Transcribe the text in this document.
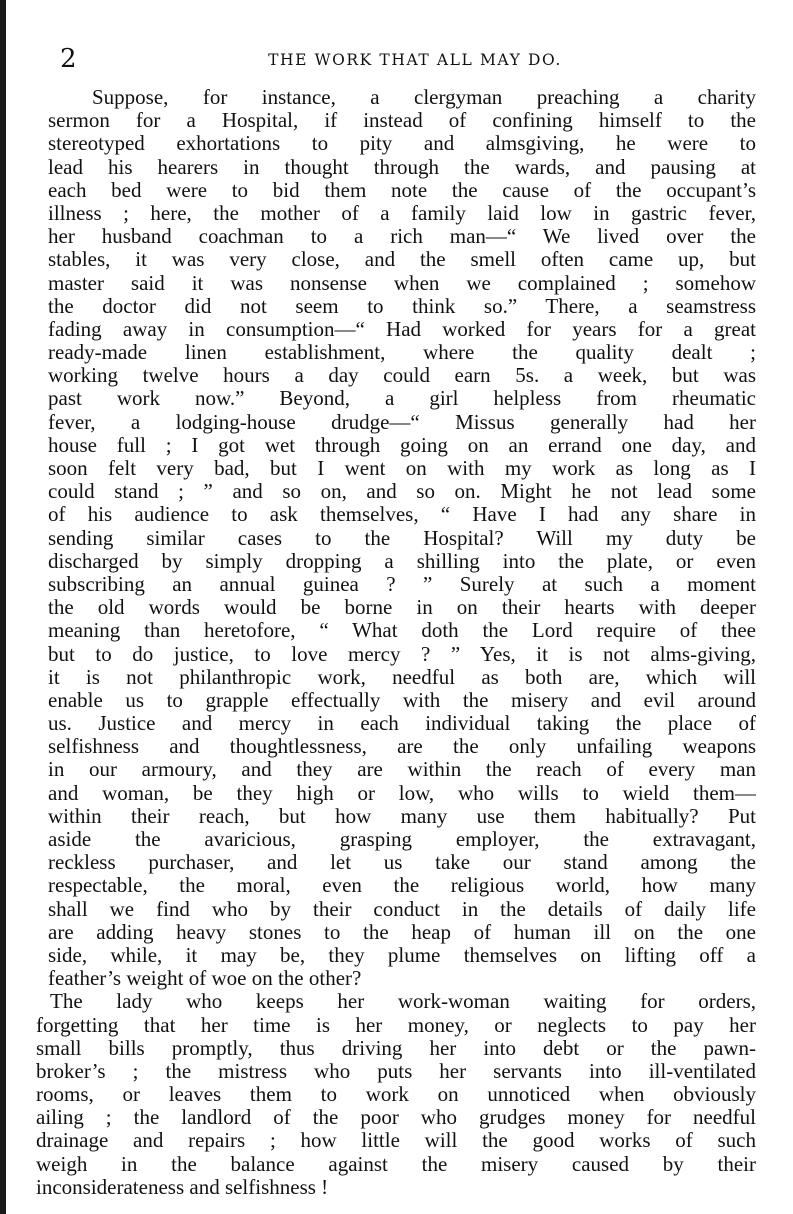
2	THE WORK THAT ALL MAY DO.
Suppose, for instance, a clergyman preaching a charity
sermon for a Hospital, if instead of confining himself to the
stereotyped exhortations to pity and almsgiving, he were to
lead his hearers in thought through the wards, and pausing at
each bed were to bid them note the cause of the occupant’s
illness ; here, the mother of a family laid low in gastric fever,
her husband coachman to a rich man—“ We lived over the
stables, it was very close, and the smell often came up, but
master said it was nonsense when we complained ; somehow
the doctor did not seem to think so.” There, a seamstress
fading away in consumption—“ Had worked for years for a great
ready-made linen establishment, where the quality dealt ;
working twelve hours a day could earn 5s. a week, but was
past work now.” Beyond, a girl helpless from rheumatic
fever, a lodging-house drudge—“ Missus generally had her
house full ; I got wet through going on an errand one day, and
soon felt very bad, but I went on with my work as long as I
could stand ; ” and so on, and so on. Might he not lead some
of his audience to ask themselves, “ Have I had any share in
sending similar cases to the Hospital? Will my duty be
discharged by simply dropping a shilling into the plate, or even
subscribing an annual guinea ? ” Surely at such a moment
the old words would be borne in on their hearts with deeper
meaning than heretofore, “ What doth the Lord require of thee
but to do justice, to love mercy ? ” Yes, it is not alms-giving,
it is not philanthropic work, needful as both are, which will
enable us to grapple effectually with the misery and evil around
us. Justice and mercy in each individual taking the place of
selfishness and thoughtlessness, are the only unfailing weapons
in our armoury, and they are within the reach of every man
and woman, be they high or low, who wills to wield them—
within their reach, but how many use them habitually? Put
aside the avaricious, grasping employer, the extravagant,
reckless purchaser, and let us take our stand among the
respectable, the moral, even the religious world, how many
shall we find who by their conduct in the details of daily life
are adding heavy stones to the heap of human ill on the one
side, while, it may be, they plume themselves on lifting off a
feather’s weight of woe on the other?
The lady who keeps her work-woman waiting for orders,
forgetting that her time is her money, or neglects to pay her
small bills promptly, thus driving her into debt or the pawn-
broker’s ; the mistress who puts her servants into ill-ventilated
rooms, or leaves them to work on unnoticed when obviously
ailing ; the landlord of the poor who grudges money for needful
drainage and repairs ; how little will the good works of such
weigh in the balance against the misery caused by their
inconsiderateness and selfishness !
